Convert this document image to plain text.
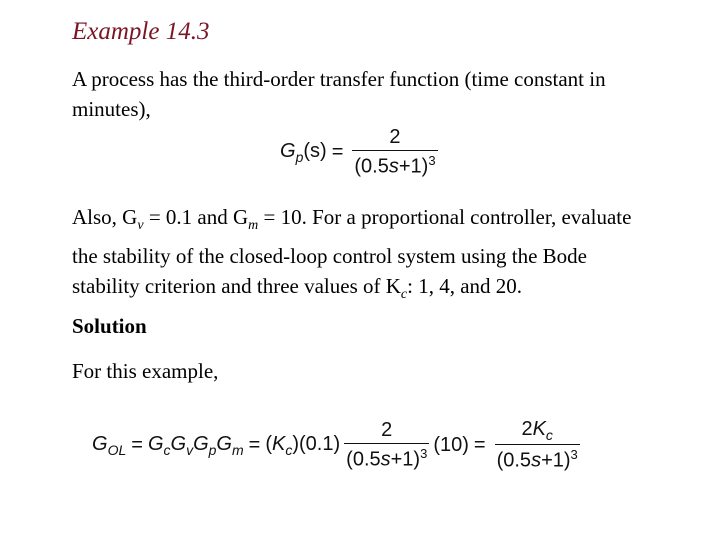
Example 14.3
A process has the third-order transfer function (time constant in
minutes),
$G_p(s) = \frac{2}{(0.5s+1)^3}$
Also, $G_v = 0.1$ and $G_m = 10$. For a proportional controller, evaluate
the stability of the closed-loop control system using the Bode
stability criterion and three values of $K_c$: 1, 4, and 20.
Solution
For this example,
$G_{OL} = G_cG_vG_pG_m = (K_c)(0.1) \frac{2}{(0.5s+1)^3} (10) = \frac{2K_c}{(0.5s+1)^3}$
